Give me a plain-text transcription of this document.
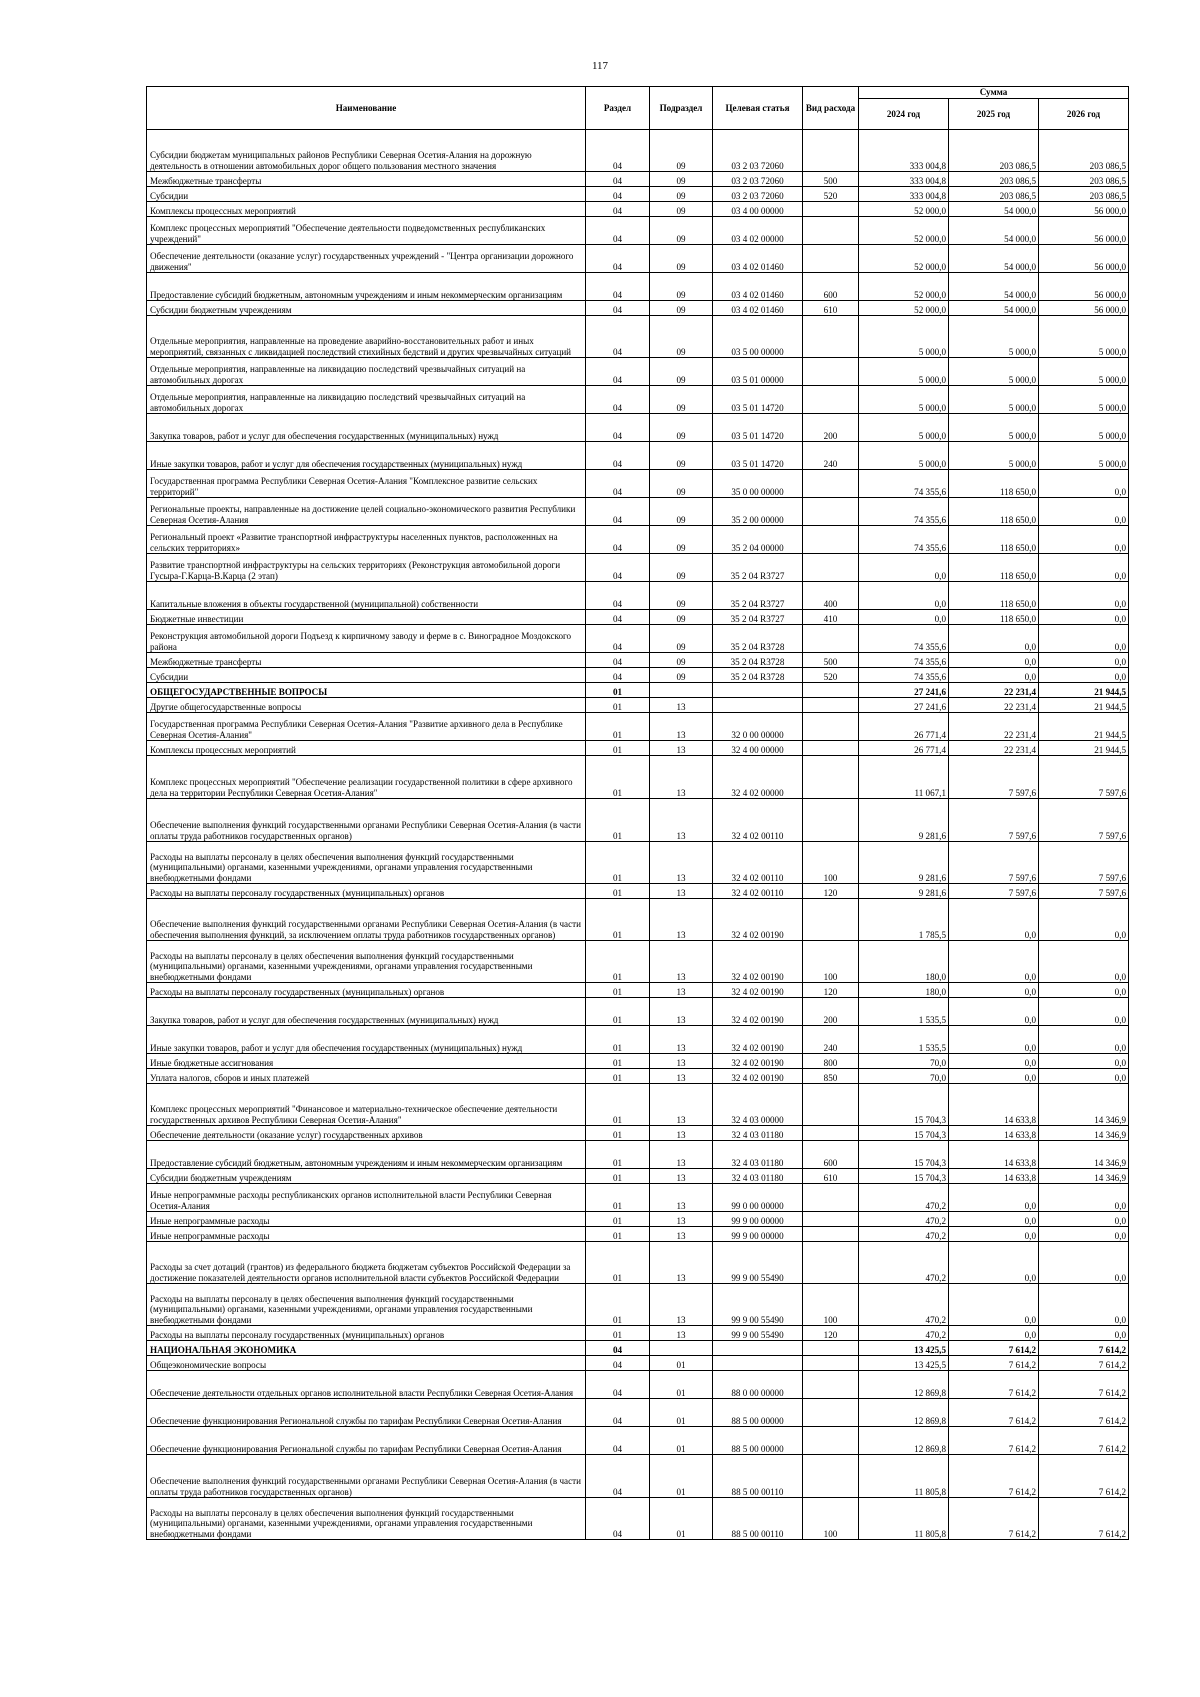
117
Наименование	Раздел	Подраздел	Целевая статья	Вид расхода	Сумма		
					2024 год	2025 год	2026 год
Субсидии бюджетам муниципальных районов Республики Северная Осетия-Алания на дорожную деятельность в отношении автомобильных дорог общего пользования местного значения	04	09	03 2 03 72060		333 004,8	203 086,5	203 086,5
Межбюджетные трансферты	04	09	03 2 03 72060	500	333 004,8	203 086,5	203 086,5
Субсидии	04	09	03 2 03 72060	520	333 004,8	203 086,5	203 086,5
Комплексы процессных мероприятий	04	09	03 4 00 00000		52 000,0	54 000,0	56 000,0
Комплекс процессных мероприятий "Обеспечение деятельности подведомственных республиканских учреждений"	04	09	03 4 02 00000		52 000,0	54 000,0	56 000,0
Обеспечение деятельности (оказание услуг) государственных учреждений - "Центра организации дорожного движения"	04	09	03 4 02 01460		52 000,0	54 000,0	56 000,0
Предоставление субсидий бюджетным, автономным учреждениям и иным некоммерческим организациям	04	09	03 4 02 01460	600	52 000,0	54 000,0	56 000,0
Субсидии бюджетным учреждениям	04	09	03 4 02 01460	610	52 000,0	54 000,0	56 000,0
Отдельные мероприятия, направленные на проведение аварийно-восстановительных работ и иных мероприятий, связанных с ликвидацией последствий стихийных бедствий и других чрезвычайных ситуаций	04	09	03 5 00 00000		5 000,0	5 000,0	5 000,0
Отдельные мероприятия, направленные на ликвидацию последствий чрезвычайных ситуаций на автомобильных дорогах	04	09	03 5 01 00000		5 000,0	5 000,0	5 000,0
Отдельные мероприятия, направленные на ликвидацию последствий чрезвычайных ситуаций на автомобильных дорогах	04	09	03 5 01 14720		5 000,0	5 000,0	5 000,0
Закупка товаров, работ и услуг для обеспечения государственных (муниципальных) нужд	04	09	03 5 01 14720	200	5 000,0	5 000,0	5 000,0
Иные закупки товаров, работ и услуг для обеспечения государственных (муниципальных) нужд	04	09	03 5 01 14720	240	5 000,0	5 000,0	5 000,0
Государственная программа Республики Северная Осетия-Алания "Комплексное развитие сельских территорий"	04	09	35 0 00 00000		74 355,6	118 650,0	0,0
Региональные проекты, направленные на достижение целей социально-экономического развития Республики Северная Осетия-Алания	04	09	35 2 00 00000		74 355,6	118 650,0	0,0
Региональный проект «Развитие транспортной инфраструктуры населенных пунктов, расположенных на сельских территориях»	04	09	35 2 04 00000		74 355,6	118 650,0	0,0
Развитие транспортной инфраструктуры на сельских территориях (Реконструкция автомобильной дороги Гусыра-Г.Карца-В.Карца (2 этап)	04	09	35 2 04 R3727		0,0	118 650,0	0,0
Капитальные вложения в объекты государственной (муниципальной) собственности	04	09	35 2 04 R3727	400	0,0	118 650,0	0,0
Бюджетные инвестиции	04	09	35 2 04 R3727	410	0,0	118 650,0	0,0
Реконструкция автомобильной дороги Подъезд к кирпичному заводу и ферме в с. Виноградное Моздокского района	04	09	35 2 04 R3728		74 355,6	0,0	0,0
Межбюджетные трансферты	04	09	35 2 04 R3728	500	74 355,6	0,0	0,0
Субсидии	04	09	35 2 04 R3728	520	74 355,6	0,0	0,0
ОБЩЕГОСУДАРСТВЕННЫЕ ВОПРОСЫ	01				27 241,6	22 231,4	21 944,5
Другие общегосударственные вопросы	01	13			27 241,6	22 231,4	21 944,5
Государственная программа Республики Северная Осетия-Алания "Развитие архивного дела в Республике Северная Осетия-Алания"	01	13	32 0 00 00000		26 771,4	22 231,4	21 944,5
Комплексы процессных мероприятий	01	13	32 4 00 00000		26 771,4	22 231,4	21 944,5
Комплекс процессных мероприятий "Обеспечение реализации государственной политики в сфере архивного дела на территории Республики Северная Осетия-Алания"	01	13	32 4 02 00000		11 067,1	7 597,6	7 597,6
Обеспечение выполнения функций государственными органами Республики Северная Осетия-Алания (в части оплаты труда работников государственных органов)	01	13	32 4 02 00110		9 281,6	7 597,6	7 597,6
Расходы на выплаты персоналу в целях обеспечения выполнения функций государственными (муниципальными) органами, казенными учреждениями, органами управления государственными внебюджетными фондами	01	13	32 4 02 00110	100	9 281,6	7 597,6	7 597,6
Расходы на выплаты персоналу государственных (муниципальных) органов	01	13	32 4 02 00110	120	9 281,6	7 597,6	7 597,6
Обеспечение выполнения функций государственными органами Республики Северная Осетия-Алания (в части обеспечения выполнения функций, за исключением оплаты труда работников государственных органов)	01	13	32 4 02 00190		1 785,5	0,0	0,0
Расходы на выплаты персоналу в целях обеспечения выполнения функций государственными (муниципальными) органами, казенными учреждениями, органами управления государственными внебюджетными фондами	01	13	32 4 02 00190	100	180,0	0,0	0,0
Расходы на выплаты персоналу государственных (муниципальных) органов	01	13	32 4 02 00190	120	180,0	0,0	0,0
Закупка товаров, работ и услуг для обеспечения государственных (муниципальных) нужд	01	13	32 4 02 00190	200	1 535,5	0,0	0,0
Иные закупки товаров, работ и услуг для обеспечения государственных (муниципальных) нужд	01	13	32 4 02 00190	240	1 535,5	0,0	0,0
Иные бюджетные ассигнования	01	13	32 4 02 00190	800	70,0	0,0	0,0
Уплата налогов, сборов и иных платежей	01	13	32 4 02 00190	850	70,0	0,0	0,0
Комплекс процессных мероприятий "Финансовое и материально-техническое обеспечение деятельности государственных архивов Республики Северная Осетия-Алания"	01	13	32 4 03 00000		15 704,3	14 633,8	14 346,9
Обеспечение деятельности (оказание услуг) государственных архивов	01	13	32 4 03 01180		15 704,3	14 633,8	14 346,9
Предоставление субсидий бюджетным, автономным учреждениям и иным некоммерческим организациям	01	13	32 4 03 01180	600	15 704,3	14 633,8	14 346,9
Субсидии бюджетным учреждениям	01	13	32 4 03 01180	610	15 704,3	14 633,8	14 346,9
Иные непрограммные расходы республиканских органов исполнительной власти Республики Северная Осетия-Алания	01	13	99 0 00 00000		470,2	0,0	0,0
Иные непрограммные расходы	01	13	99 9 00 00000		470,2	0,0	0,0
Иные непрограммные расходы	01	13	99 9 00 00000		470,2	0,0	0,0
Расходы за счет дотаций (грантов) из федерального бюджета бюджетам субъектов Российской Федерации за достижение показателей деятельности органов исполнительной власти субъектов Российской Федерации	01	13	99 9 00 55490		470,2	0,0	0,0
Расходы на выплаты персоналу в целях обеспечения выполнения функций государственными (муниципальными) органами, казенными учреждениями, органами управления государственными внебюджетными фондами	01	13	99 9 00 55490	100	470,2	0,0	0,0
Расходы на выплаты персоналу государственных (муниципальных) органов	01	13	99 9 00 55490	120	470,2	0,0	0,0
НАЦИОНАЛЬНАЯ ЭКОНОМИКА	04				13 425,5	7 614,2	7 614,2
Общеэкономические вопросы	04	01			13 425,5	7 614,2	7 614,2
Обеспечение деятельности отдельных органов исполнительной власти Республики Северная Осетия-Алания	04	01	88 0 00 00000		12 869,8	7 614,2	7 614,2
Обеспечение функционирования Региональной службы по тарифам Республики Северная Осетия-Алания	04	01	88 5 00 00000		12 869,8	7 614,2	7 614,2
Обеспечение функционирования Региональной службы по тарифам Республики Северная Осетия-Алания	04	01	88 5 00 00000		12 869,8	7 614,2	7 614,2
Обеспечение выполнения функций государственными органами Республики Северная Осетия-Алания (в части оплаты труда работников государственных органов)	04	01	88 5 00 00110		11 805,8	7 614,2	7 614,2
Расходы на выплаты персоналу в целях обеспечения выполнения функций государственными (муниципальными) органами, казенными учреждениями, органами управления государственными внебюджетными фондами	04	01	88 5 00 00110	100	11 805,8	7 614,2	7 614,2
